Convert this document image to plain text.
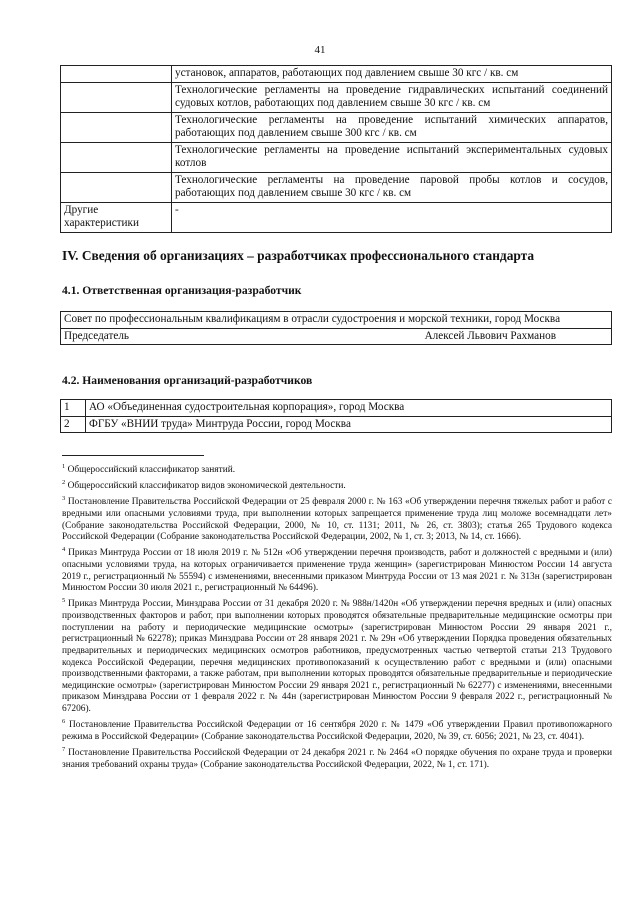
41
	установок, аппаратов, работающих под давлением свыше 30 кгс / кв. см
	Технологические регламенты на проведение гидравлических испытаний соединений судовых котлов, работающих под давлением свыше 30 кгс / кв. см
	Технологические регламенты на проведение испытаний химических аппаратов, работающих под давлением свыше 300 кгс / кв. см
	Технологические регламенты на проведение испытаний экспериментальных судовых котлов
	Технологические регламенты на проведение паровой пробы котлов и сосудов, работающих под давлением свыше 30 кгс / кв. см
Другие характеристики	-
IV. Сведения об организациях – разработчиках профессионального стандарта
4.1. Ответственная организация-разработчик
Совет по профессиональным квалификациям в отрасли судостроения и морской техники, город Москва

Председатель	Алексей Львович Рахманов
4.2. Наименования организаций-разработчиков
1	АО «Объединенная судостроительная корпорация», город Москва
2	ФГБУ «ВНИИ труда» Минтруда России, город Москва

$^1$ Общероссийский классификатор занятий.

$^2$ Общероссийский классификатор видов экономической деятельности.

$^3$ Постановление Правительства Российской Федерации от 25 февраля 2000 г. № 163 «Об утверждении перечня тяжелых работ и работ с вредными или опасными условиями труда, при выполнении которых запрещается применение труда лиц моложе восемнадцати лет» (Собрание законодательства Российской Федерации, 2000, № 10, ст. 1131; 2011, № 26, ст. 3803); статья 265 Трудового кодекса Российской Федерации (Собрание законодательства Российской Федерации, 2002, № 1, ст. 3; 2013, № 14, ст. 1666).

$^4$ Приказ Минтруда России от 18 июля 2019 г. № 512н «Об утверждении перечня производств, работ и должностей с вредными и (или) опасными условиями труда, на которых ограничивается применение труда женщин» (зарегистрирован Минюстом России 14 августа 2019 г., регистрационный № 55594) с изменениями, внесенными приказом Минтруда России от 13 мая 2021 г. № 313н (зарегистрирован Минюстом России 30 июля 2021 г., регистрационный № 64496).

$^5$ Приказ Минтруда России, Минздрава России от 31 декабря 2020 г. № 988н/1420н «Об утверждении перечня вредных и (или) опасных производственных факторов и работ, при выполнении которых проводятся обязательные предварительные медицинские осмотры при поступлении на работу и периодические медицинские осмотры» (зарегистрирован Минюстом России 29 января 2021 г., регистрационный № 62278); приказ Минздрава России от 28 января 2021 г. № 29н «Об утверждении Порядка проведения обязательных предварительных и периодических медицинских осмотров работников, предусмотренных частью четвертой статьи 213 Трудового кодекса Российской Федерации, перечня медицинских противопоказаний к осуществлению работ с вредными и (или) опасными производственными факторами, а также работам, при выполнении которых проводятся обязательные предварительные и периодические медицинские осмотры» (зарегистрирован Минюстом России 29 января 2021 г., регистрационный № 62277) с изменениями, внесенными приказом Минздрава России от 1 февраля 2022 г. № 44н (зарегистрирован Минюстом России 9 февраля 2022 г., регистрационный № 67206).

$^6$ Постановление Правительства Российской Федерации от 16 сентября 2020 г. № 1479 «Об утверждении Правил противопожарного режима в Российской Федерации» (Собрание законодательства Российской Федерации, 2020, № 39, ст. 6056; 2021, № 23, ст. 4041).

$^7$ Постановление Правительства Российской Федерации от 24 декабря 2021 г. № 2464 «О порядке обучения по охране труда и проверки знания требований охраны труда» (Собрание законодательства Российской Федерации, 2022, № 1, ст. 171).
